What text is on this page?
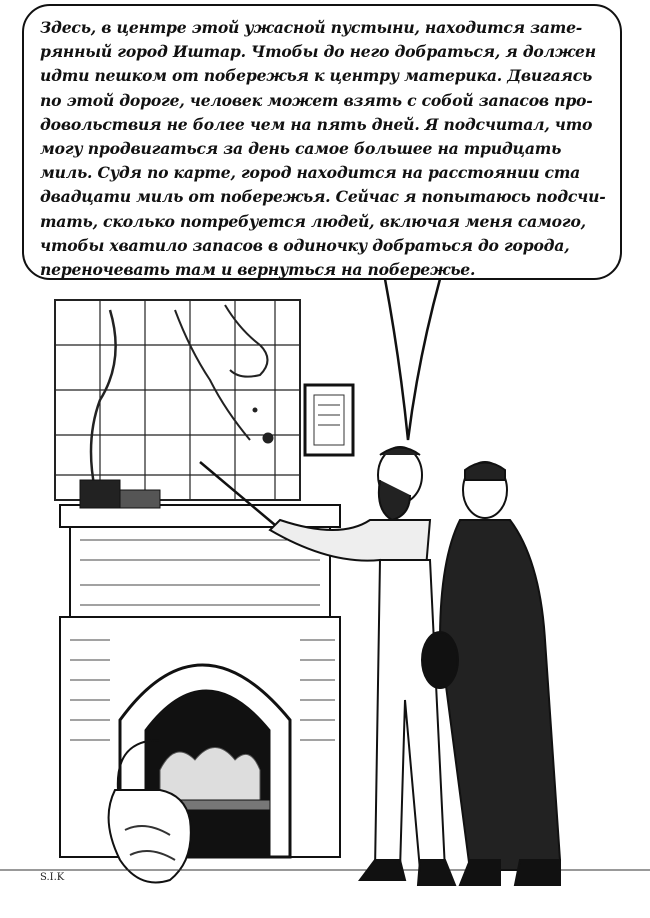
S.I.K
Здесь, в центре этой ужасной пустыни, находится зате-
рянный город Иштар. Чтобы до него добраться, я должен
идти пешком от побережья к центру материка. Двигаясь
по этой дороге, человек может взять с собой запасов про-
довольствия не более чем на пять дней. Я подсчитал, что
могу продвигаться за день самое большее на тридцать
миль. Судя по карте, город находится на расстоянии ста
двадцати миль от побережья. Сейчас я попытаюсь подсчи-
тать, сколько потребуется людей, включая меня самого,
чтобы хватило запасов в одиночку добраться до города,
переночевать там и вернуться на побережье.
